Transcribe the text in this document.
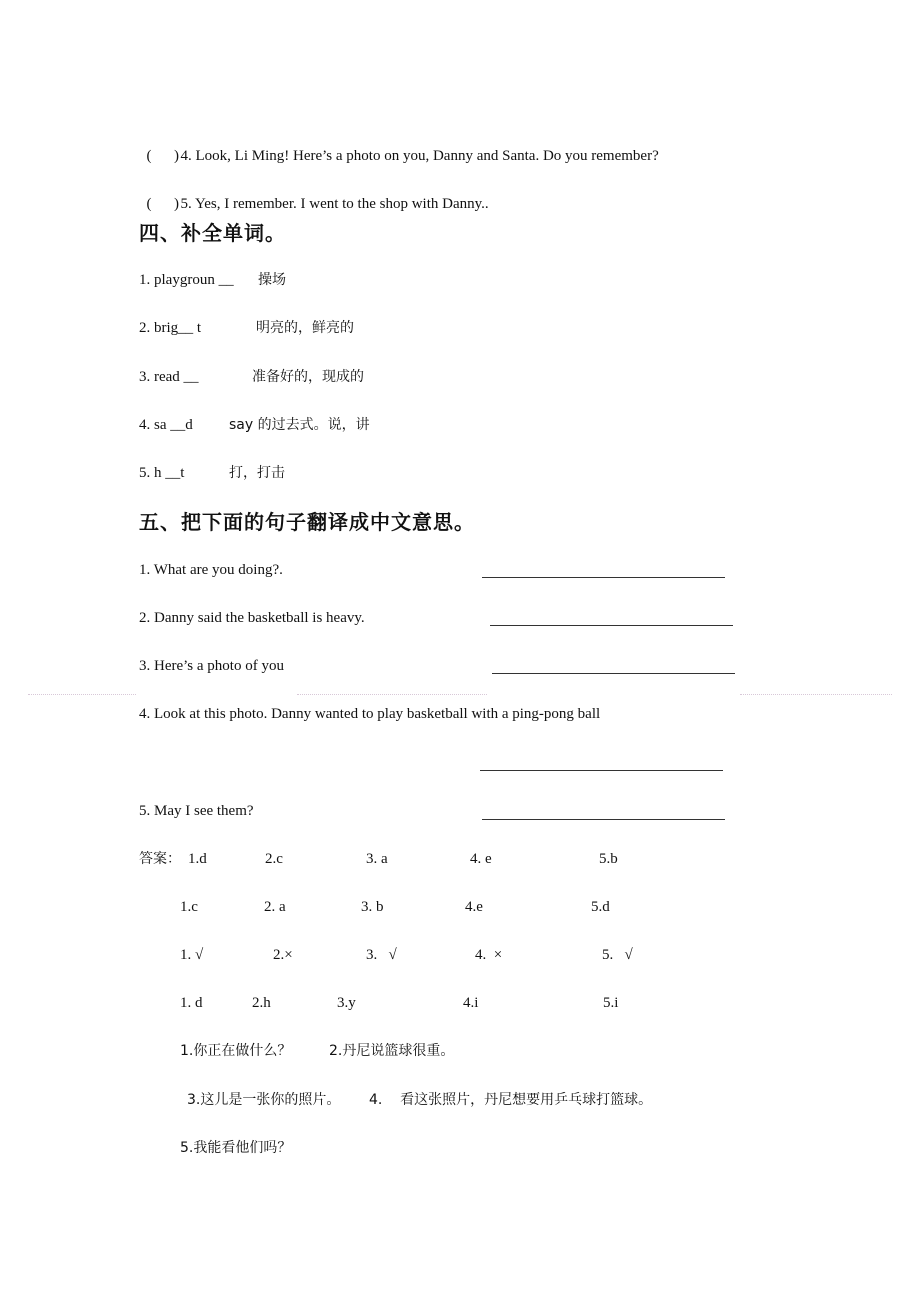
(      ) 4. Look, Li Ming! Here’s a photo on you, Danny and Santa. Do you remember?

(      ) 5. Yes, I remember. I went to the shop with Danny..

四、补全单词。
1. playgroun __ 操场
2. brig__ t	明亮的，鲜亮的
3. read __	准备好的，现成的
4. sa __d	say 的过去式。说，讲
5. h __t	打，打击
五、把下面的句子翻译成中文意思。
1. What are you doing?.
2. Danny said the basketball is heavy.
3. Here’s a photo of you
4. Look at this photo. Danny wanted to play basketball with a ping-pong ball
5. May I see them?
答案： 1.d	2.c	3. a	4. e	5.b
1.c	2. a	3. b	4.e	5.d
1. √	2.×	3.   √	4.  ×	5.   √
1. d	2.h	3.y	4.i	5.i
1.你正在做什么？	2.丹尼说篮球很重。
3.这儿是一张你的照片。 4.    看这张照片，丹尼想要用乒乓球打篮球。
5.我能看他们吗？
